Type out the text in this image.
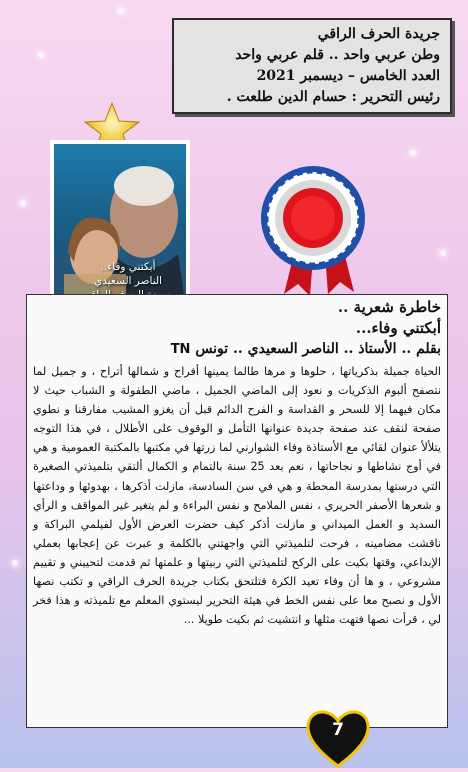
جريدة الحرف الراقي
وطن عربي واحد .. قلم عربي واحد
العدد الخامس – ديسمبر 2021
رئيس التحرير : حسام الدين طلعت .
أبكتني وفاء..
الناصر السعيدي
خاطرة شعرية ..
أبكتني وفاء...
بقلم .. الأستاذ .. الناصر السعيدي .. تونس TN
الحياة جميلة بذكرياتها ، حلوها و مرها طالما يمينها أفراح و شمالها أتراح ، و جميل لما نتصفح ألبوم الذكريات و نعود إلى الماضي الجميل ، ماضي الطفولة و الشباب حيث لا مكان فيهما إلا للسحر و القداسة و الفرح الدائم قبل أن يغزو المشيب مفارقنا و نطوي صفحة لنقف عند صفحة جديدة عنوانها التأمل و الوقوف على الأطلال ، في هذا التوجه يتلألأ عنوان لقائي مع الأستاذة وفاء الشوارني لما زرتها في مكتبها بالمكتبة العمومية و هي في أوج نشاطها و نجاحاتها ، نعم بعد 25 سنة بالتمام و الكمال ألتقي بتلميذتي الصغيرة التي درستها بمدرسة المحطة و هي في سن السادسة، مازلت أذكرها ، بهدوئها و وداعتها و شعرها الأصفر الحريري ، نفس الملامح و نفس البراءة و لم يتغير غير المواقف و الرأي السديد و العمل الميداني و مازلت أذكر كيف حضرت العرض الأول لفيلمي البراكة و ناقشت مضامينه ، فرحت لتلميذتي التي واجهتني بالكلمة و عبرت عن إعجابها بعملي الإبداعي، وقتها بكيت على الركح لتلميذتي التي ربيتها و علمتها ثم قدمت لتحييني و تقييم مشروعي ، و ها أن وفاء تعيد الكرة فتلتحق بكتاب جريدة الحرف الراقي و تكتب نصها الأول و نصبح معا على نفس الخط في هيئة التحرير ليستوي المعلم مع تلميذته و هذا فخر لي ، قرأت نصها فتهت مثلها و انتشيت ثم بكيت طويلا ...
7
